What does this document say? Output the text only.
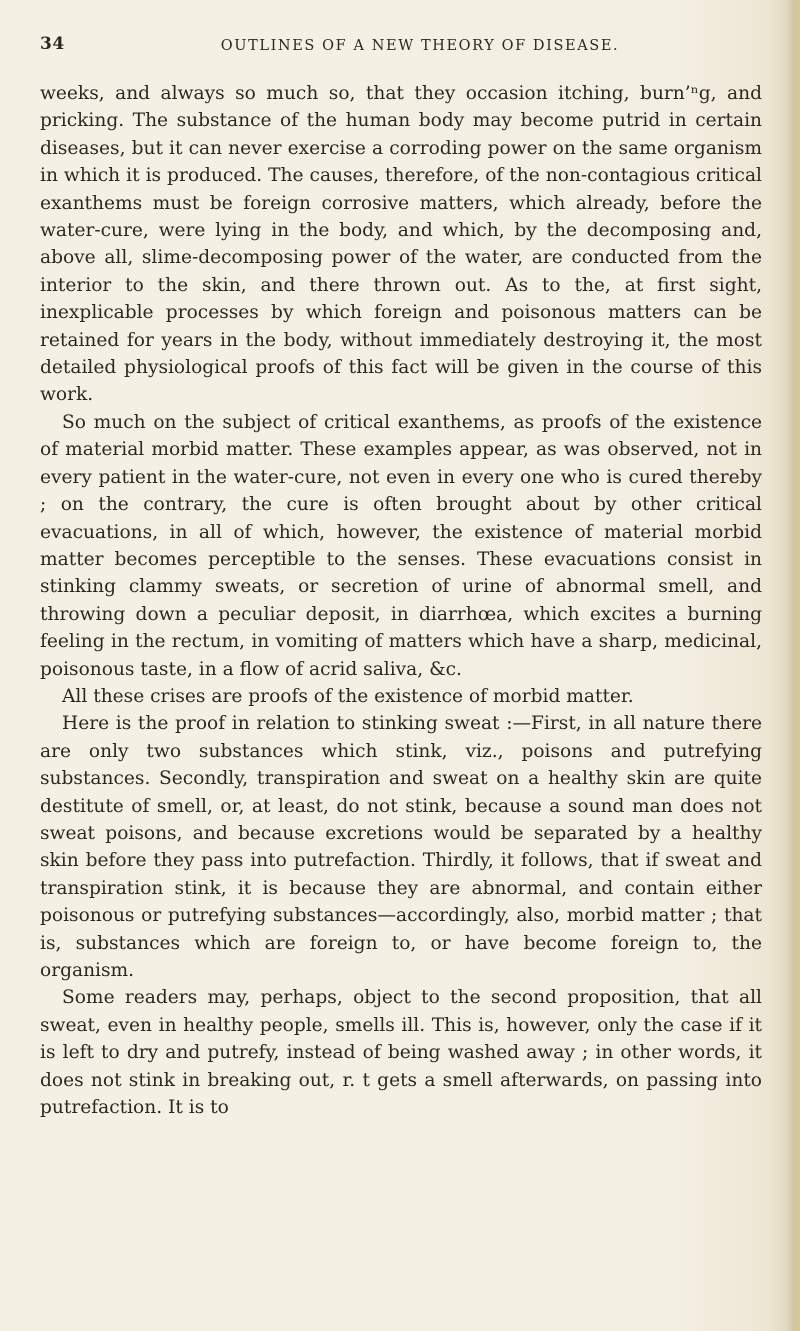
34	OUTLINES OF A NEW THEORY OF DISEASE.

weeks, and always so much so, that they occasion itching, burn’ⁿg, and pricking. The substance of the human body may become putrid in certain diseases, but it can never exercise a corroding power on the same organism in which it is produced. The causes, therefore, of the non-contagious critical exanthems must be foreign corrosive matters, which already, before the water-cure, were lying in the body, and which, by the decomposing and, above all, slime-decomposing power of the water, are conducted from the interior to the skin, and there thrown out. As to the, at first sight, inexplicable processes by which foreign and poisonous matters can be retained for years in the body, without immediately destroying it, the most detailed physiological proofs of this fact will be given in the course of this work.

So much on the subject of critical exanthems, as proofs of the existence of material morbid matter. These examples appear, as was observed, not in every patient in the water-cure, not even in every one who is cured thereby ; on the contrary, the cure is often brought about by other critical evacuations, in all of which, however, the existence of material morbid matter becomes perceptible to the senses. These evacuations consist in stinking clammy sweats, or secretion of urine of abnormal smell, and throwing down a peculiar deposit, in diarrhœa, which excites a burning feeling in the rectum, in vomiting of matters which have a sharp, medicinal, poisonous taste, in a flow of acrid saliva, &c.

All these crises are proofs of the existence of morbid matter.

Here is the proof in relation to stinking sweat :—First, in all nature there are only two substances which stink, viz., poisons and putrefying substances. Secondly, transpiration and sweat on a healthy skin are quite destitute of smell, or, at least, do not stink, because a sound man does not sweat poisons, and because excretions would be separated by a healthy skin before they pass into putrefaction. Thirdly, it follows, that if sweat and transpiration stink, it is because they are abnormal, and contain either poisonous or putrefying substances—accordingly, also, morbid matter ; that is, substances which are foreign to, or have become foreign to, the organism.

Some readers may, perhaps, object to the second proposition, that all sweat, even in healthy people, smells ill. This is, however, only the case if it is left to dry and putrefy, instead of being washed away ; in other words, it does not stink in breaking out, r. t gets a smell afterwards, on passing into putrefaction. It is to
